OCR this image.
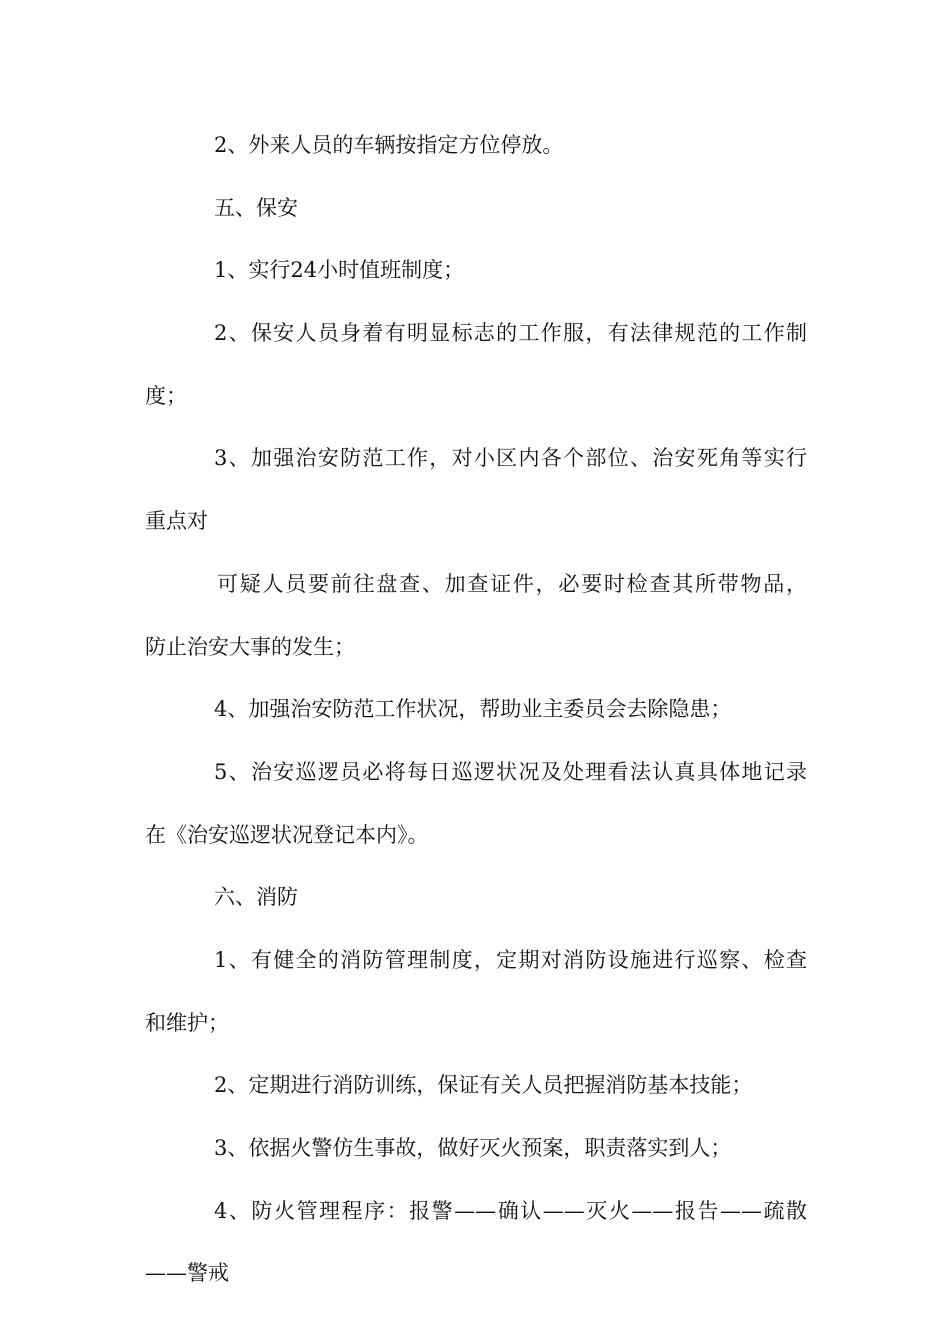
2、外来人员的车辆按指定方位停放。
五、保安
1、实行24小时值班制度；
2、保安人员身着有明显标志的工作服，有法律规范的工作制
度；
3、加强治安防范工作，对小区内各个部位、治安死角等实行
重点对
可疑人员要前往盘查、加查证件，必要时检查其所带物品，
防止治安大事的发生；
4、加强治安防范工作状况，帮助业主委员会去除隐患；
5、治安巡逻员必将每日巡逻状况及处理看法认真具体地记录
在《治安巡逻状况登记本内》。
六、消防
1、有健全的消防管理制度，定期对消防设施进行巡察、检查
和维护；
2、定期进行消防训练，保证有关人员把握消防基本技能；
3、依据火警仿生事故，做好灭火预案，职责落实到人；
4、防火管理程序：报警——确认——灭火——报告——疏散
——警戒
